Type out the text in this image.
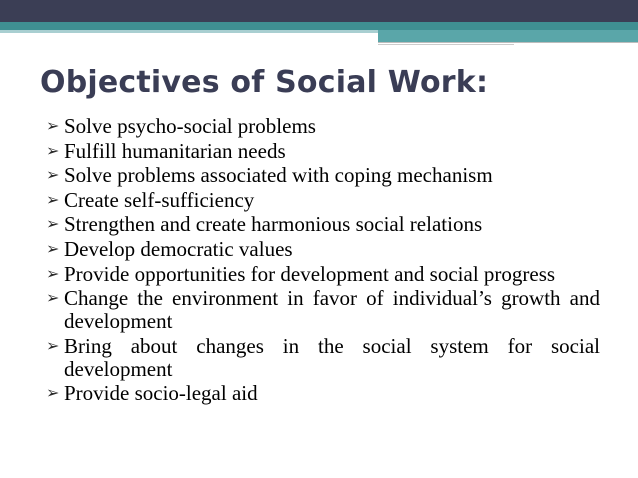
Objectives of Social Work:
➢ Solve psycho-social problems
➢ Fulfill humanitarian needs
➢ Solve problems associated with coping mechanism
➢ Create self-sufficiency
➢ Strengthen and create harmonious social relations
➢ Develop democratic values
➢ Provide opportunities for development and social progress
➢ Change the environment in favor of individual’s growth and development
➢ Bring about changes in the social system for social development
➢ Provide socio-legal aid
